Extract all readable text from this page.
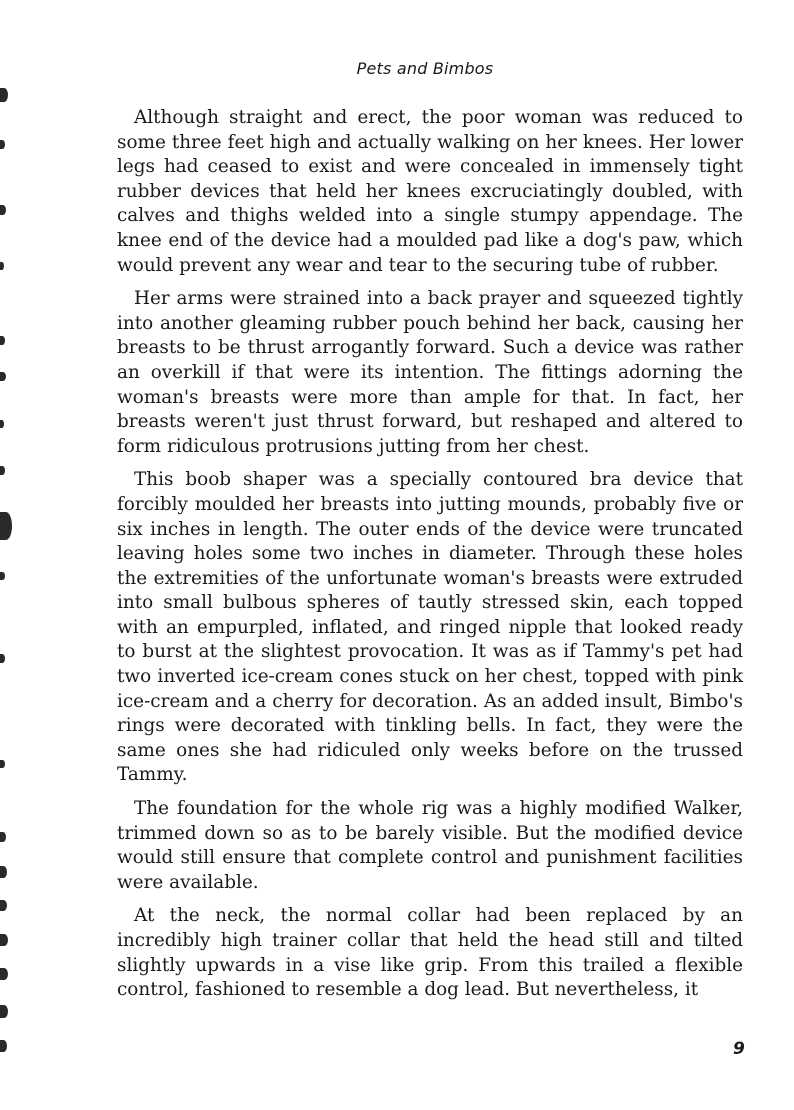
Pets and Bimbos

Although straight and erect, the poor woman was reduced to some three feet high and actually walking on her knees. Her lower legs had ceased to exist and were concealed in immensely tight rubber devices that held her knees excruciatingly doubled, with calves and thighs welded into a single stumpy appendage. The knee end of the device had a moulded pad like a dog's paw, which would prevent any wear and tear to the securing tube of rubber.

Her arms were strained into a back prayer and squeezed tightly into another gleaming rubber pouch behind her back, causing her breasts to be thrust arrogantly forward. Such a device was rather an overkill if that were its intention. The fittings adorning the woman's breasts were more than ample for that. In fact, her breasts weren't just thrust forward, but reshaped and altered to form ridiculous protrusions jutting from her chest.

This boob shaper was a specially contoured bra device that forcibly moulded her breasts into jutting mounds, probably five or six inches in length. The outer ends of the device were truncated leaving holes some two inches in diameter. Through these holes the extremities of the unfortunate woman's breasts were extruded into small bulbous spheres of tautly stressed skin, each topped with an empurpled, inflated, and ringed nipple that looked ready to burst at the slightest provocation. It was as if Tammy's pet had two inverted ice-cream cones stuck on her chest, topped with pink ice-cream and a cherry for decoration. As an added insult, Bimbo's rings were decorated with tinkling bells. In fact, they were the same ones she had ridiculed only weeks before on the trussed Tammy.

The foundation for the whole rig was a highly modified Walker, trimmed down so as to be barely visible. But the modified device would still ensure that complete control and punishment facilities were available.

At the neck, the normal collar had been replaced by an incredibly high trainer collar that held the head still and tilted slightly upwards in a vise like grip. From this trailed a flexible control, fashioned to resemble a dog lead. But nevertheless, it

9
